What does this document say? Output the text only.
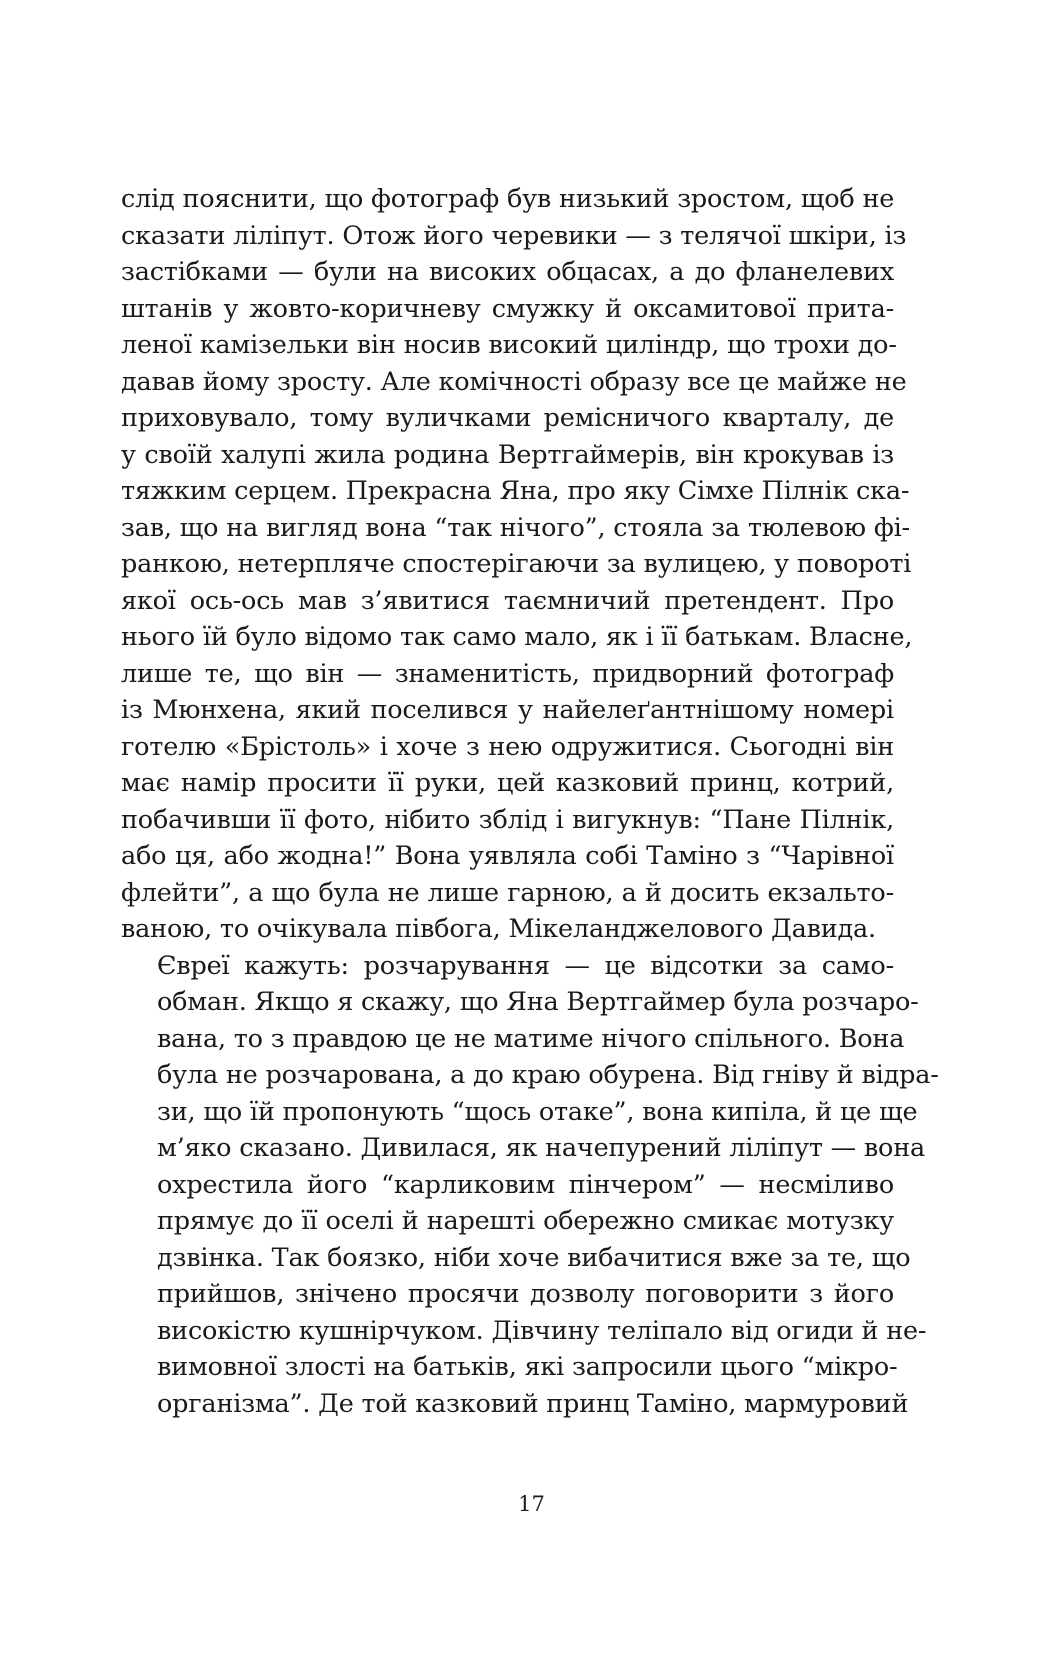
слід пояснити, що фотограф був низький зростом, щоб не
сказати ліліпут. Отож його черевики — з телячої шкіри, із
застібками — були на високих обцасах, а до фланелевих
штанів у жовто-коричневу смужку й оксамитової прита-
леної камізельки він носив високий циліндр, що трохи до-
давав йому зросту. Але комічності образу все це майже не
приховувало, тому вуличками ремісничого кварталу, де
у своїй халупі жила родина Вертгаймерів, він крокував із
тяжким серцем. Прекрасна Яна, про яку Сімхе Пілнік ска-
зав, що на вигляд вона “так нічого”, стояла за тюлевою фі-
ранкою, нетерпляче спостерігаючи за вулицею, у повороті
якої ось-ось мав з’явитися таємничий претендент. Про
нього їй було відомо так само мало, як і її батькам. Власне,
лише те, що він — знаменитість, придворний фотограф
із Мюнхена, який поселився у найелеґантнішому номері
готелю «Брістоль» і хоче з нею одружитися. Сьогодні він
має намір просити її руки, цей казковий принц, котрий,
побачивши її фото, нібито зблід і вигукнув: “Пане Пілнік,
або ця, або жодна!” Вона уявляла собі Таміно з “Чарівної
флейти”, а що була не лише гарною, а й досить екзальто-
ваною, то очікувала півбога, Мікеланджелового Давида.

Євреї кажуть: розчарування — це відсотки за само-
обман. Якщо я скажу, що Яна Вертгаймер була розчаро-
вана, то з правдою це не матиме нічого спільного. Вона
була не розчарована, а до краю обурена. Від гніву й відра-
зи, що їй пропонують “щось отаке”, вона кипіла, й це ще
м’яко сказано. Дивилася, як начепурений ліліпут — вона
охрестила його “карликовим пінчером” — несміливо
прямує до її оселі й нарешті обережно смикає мотузку
дзвінка. Так боязко, ніби хоче вибачитися вже за те, що
прийшов, знічено просячи дозволу поговорити з його
високістю кушнірчуком. Дівчину теліпало від огиди й не-
вимовної злості на батьків, які запросили цього “мікро-
організма”. Де той казковий принц Таміно, мармуровий

17
